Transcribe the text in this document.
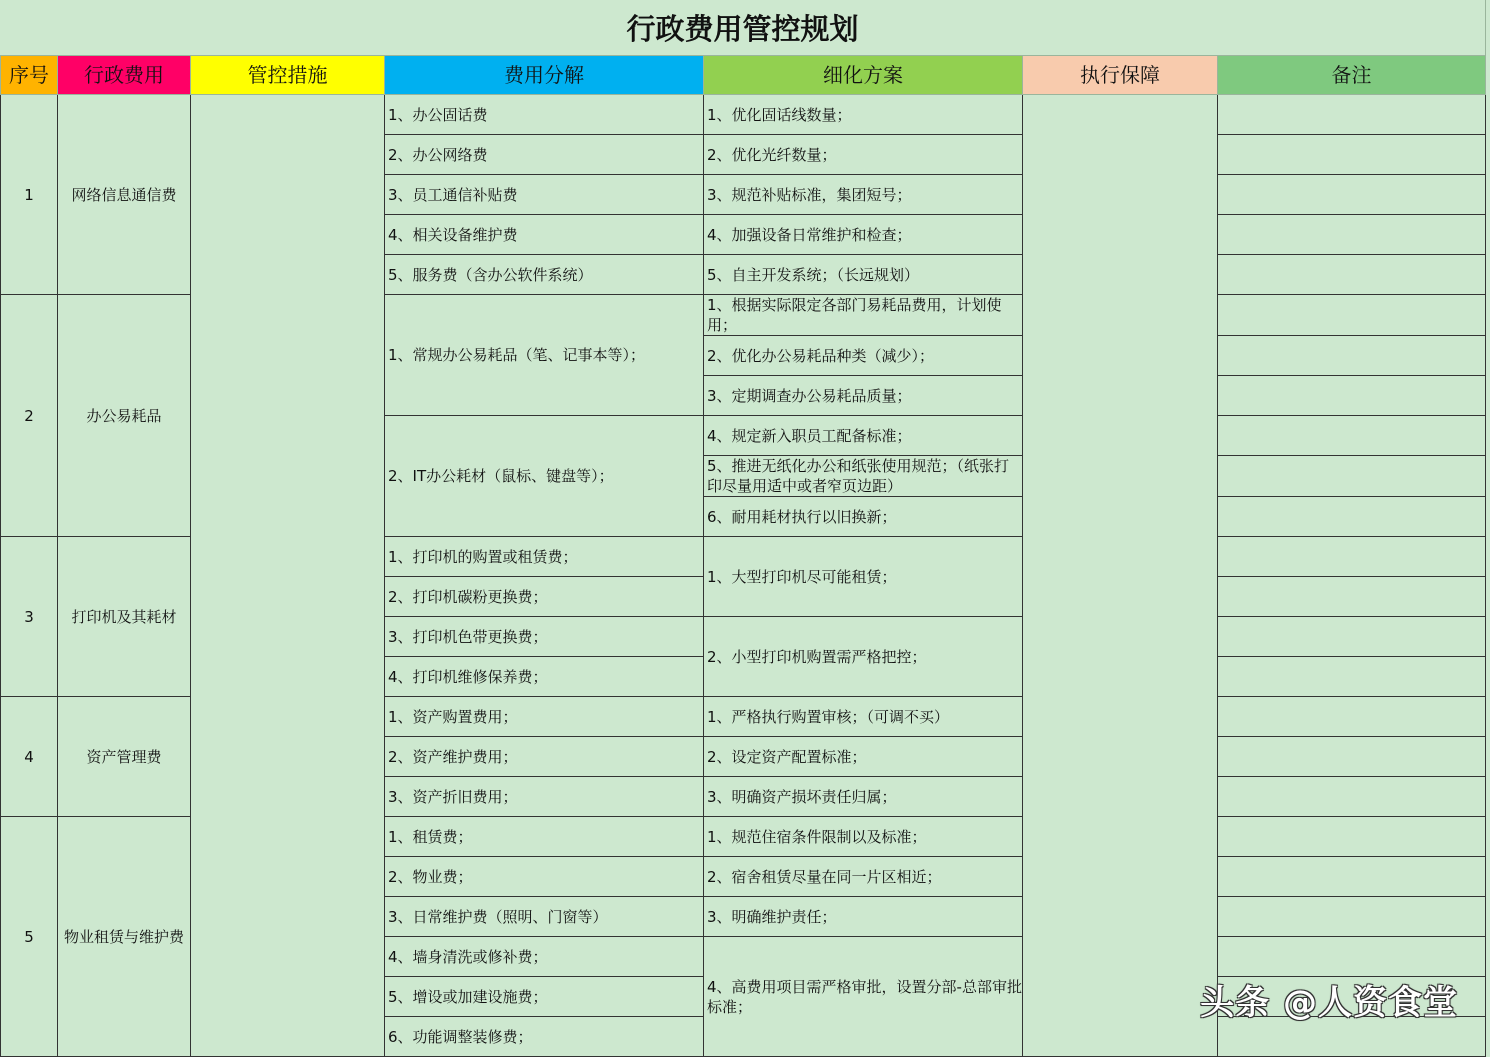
行政费用管控规划
序号	行政费用	管控措施	费用分解	细化方案	执行保障	备注
1	网络信息通信费		1、办公固话费	1、优化固话线数量；		
			2、办公网络费	2、优化光纤数量；		
			3、员工通信补贴费	3、规范补贴标准，集团短号；		
			4、相关设备维护费	4、加强设备日常维护和检查；		
			5、服务费（含办公软件系统）	5、自主开发系统；（长远规划）		
2	办公易耗品		1、常规办公易耗品（笔、记事本等）；	1、根据实际限定各部门易耗品费用，计划使用；		
				2、优化办公易耗品种类（减少）；		
				3、定期调查办公易耗品质量；		
			2、IT办公耗材（鼠标、键盘等）；	4、规定新入职员工配备标准；		
				5、推进无纸化办公和纸张使用规范；（纸张打印尽量用适中或者窄页边距）		
				6、耐用耗材执行以旧换新；		
3	打印机及其耗材		1、打印机的购置或租赁费；	1、大型打印机尽可能租赁；		
			2、打印机碳粉更换费；			
			3、打印机色带更换费；	2、小型打印机购置需严格把控；		
			4、打印机维修保养费；			
4	资产管理费		1、资产购置费用；	1、严格执行购置审核；（可调不买）		
			2、资产维护费用；	2、设定资产配置标准；		
			3、资产折旧费用；	3、明确资产损坏责任归属；		
5	物业租赁与维护费		1、租赁费；	1、规范住宿条件限制以及标准；		
			2、物业费；	2、宿舍租赁尽量在同一片区相近；		
			3、日常维护费（照明、门窗等）	3、明确维护责任；		
			4、墙身清洗或修补费；	4、高费用项目需严格审批，设置分部-总部审批标准；		
			5、增设或加建设施费；			
			6、功能调整装修费；			
头条 @人资食堂
